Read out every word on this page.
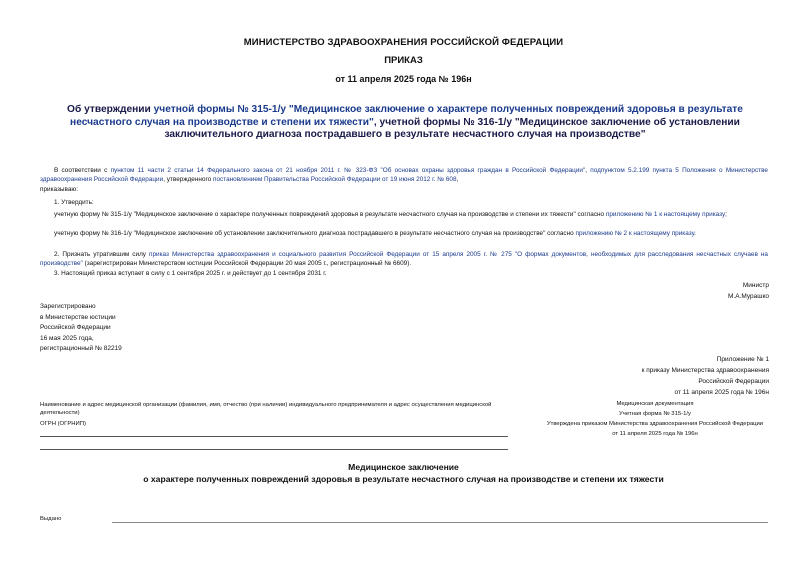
МИНИСТЕРСТВО ЗДРАВООХРАНЕНИЯ РОССИЙСКОЙ ФЕДЕРАЦИИ
ПРИКАЗ
от 11 апреля 2025 года № 196н
Об утверждении учетной формы № 315-1/у "Медицинское заключение о характере полученных повреждений здоровья в результате несчастного случая на производстве и степени их тяжести", учетной формы № 316-1/у "Медицинское заключение об установлении заключительного диагноза пострадавшего в результате несчастного случая на производстве"
В соответствии с пунктом 11 части 2 статьи 14 Федерального закона от 21 ноября 2011 г. № 323-ФЗ "Об основах охраны здоровья граждан в Российской Федерации", подпунктом 5.2.199 пункта 5 Положения о Министерстве здравоохранения Российской Федерации, утвержденного постановлением Правительства Российской Федерации от 19 июня 2012 г. № 608,
приказываю:
1. Утвердить:
учетную форму № 315-1/у "Медицинское заключение о характере полученных повреждений здоровья в результате несчастного случая на производстве и степени их тяжести" согласно приложению № 1 к настоящему приказу;
учетную форму № 316-1/у "Медицинское заключение об установлении заключительного диагноза пострадавшего в результате несчастного случая на производстве" согласно приложению № 2 к настоящему приказу.
2. Признать утратившим силу приказ Министерства здравоохранения и социального развития Российской Федерации от 15 апреля 2005 г. № 275 "О формах документов, необходимых для расследования несчастных случаев на производстве" (зарегистрирован Министерством юстиции Российской Федерации 20 мая 2005 г., регистрационный № 6609).
3. Настоящий приказ вступает в силу с 1 сентября 2025 г. и действует до 1 сентября 2031 г.
Министр
М.А.Мурашко
Зарегистрировано
в Министерстве юстиции
Российской Федерации
16 мая 2025 года,
регистрационный № 82219
Приложение № 1
к приказу Министерства здравоохранения
Российской Федерации
от 11 апреля 2025 года № 196н
Наименование и адрес медицинской организации (фамилия, имя, отчество (при наличии) индивидуального предпринимателя и адрес осуществления медицинской деятельности)
ОГРН (ОГРНИП)
Медицинская документация
Учетная форма № 315-1/у
Утверждена приказом Министерства здравоохранения Российской Федерации
от 11 апреля 2025 года № 196н
Медицинское заключение
о характере полученных повреждений здоровья в результате несчастного случая на производстве и степени их тяжести
Выдано
